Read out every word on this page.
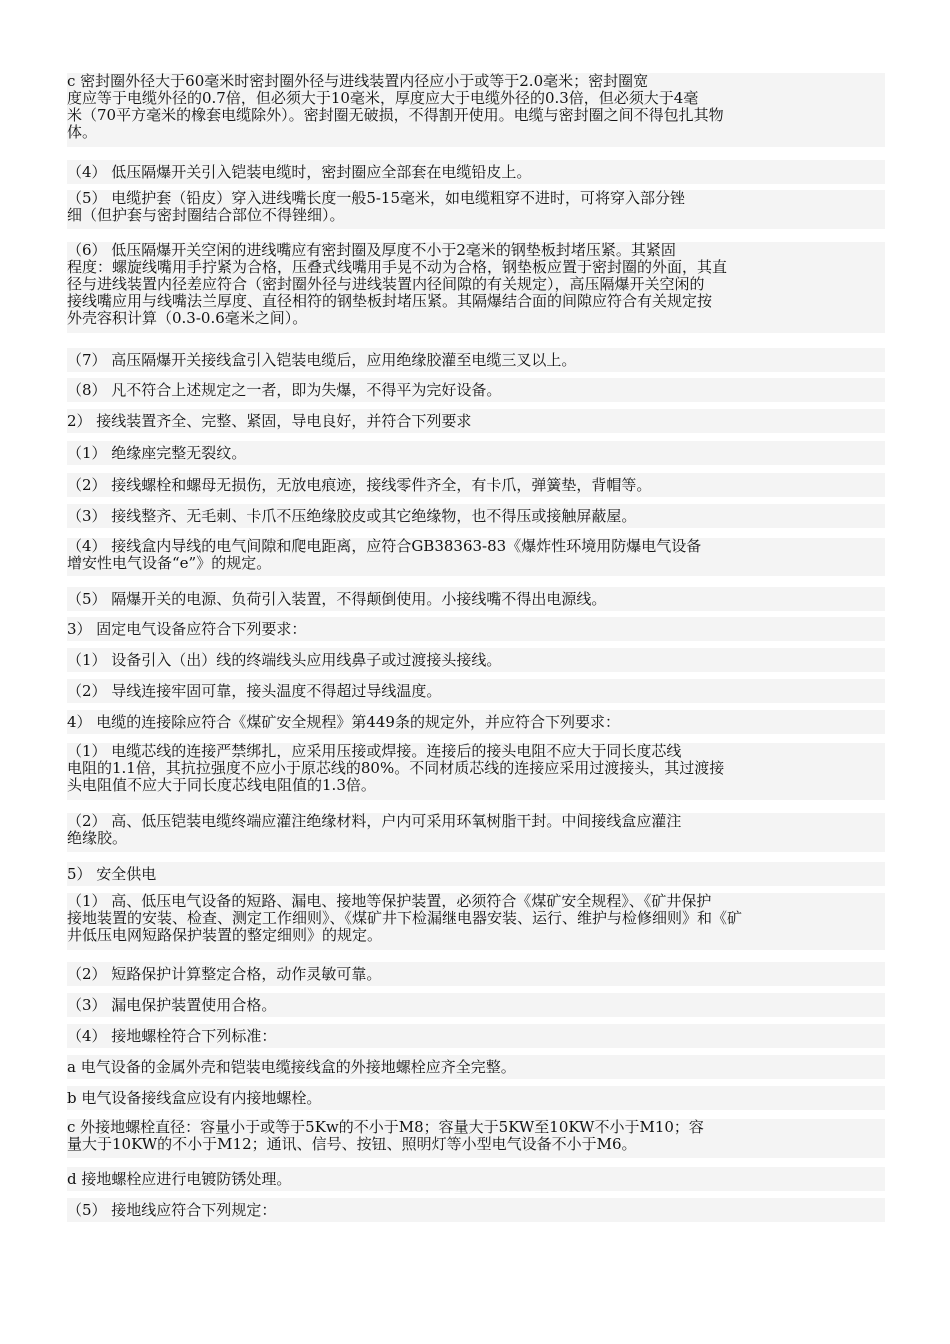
c 密封圈外径大于60毫米时密封圈外径与进线装置内径应小于或等于2.0毫米；密封圈宽
度应等于电缆外径的0.7倍，但必须大于10毫米，厚度应大于电缆外径的0.3倍，但必须大于4毫
米（70平方毫米的橡套电缆除外）。密封圈无破损，不得割开使用。电缆与密封圈之间不得包扎其物
体。
（4） 低压隔爆开关引入铠装电缆时，密封圈应全部套在电缆铅皮上。
（5） 电缆护套（铅皮）穿入进线嘴长度一般5-15毫米，如电缆粗穿不进时，可将穿入部分锉
细（但护套与密封圈结合部位不得锉细）。
（6） 低压隔爆开关空闲的进线嘴应有密封圈及厚度不小于2毫米的钢垫板封堵压紧。其紧固
程度：螺旋线嘴用手拧紧为合格，压叠式线嘴用手晃不动为合格，钢垫板应置于密封圈的外面，其直
径与进线装置内径差应符合（密封圈外径与进线装置内径间隙的有关规定），高压隔爆开关空闲的
接线嘴应用与线嘴法兰厚度、直径相符的钢垫板封堵压紧。其隔爆结合面的间隙应符合有关规定按
外壳容积计算（0.3-0.6毫米之间）。
（7） 高压隔爆开关接线盒引入铠装电缆后，应用绝缘胶灌至电缆三叉以上。
（8） 凡不符合上述规定之一者，即为失爆，不得平为完好设备。
2） 接线装置齐全、完整、紧固，导电良好，并符合下列要求
（1） 绝缘座完整无裂纹。
（2） 接线螺栓和螺母无损伤，无放电痕迹，接线零件齐全，有卡爪，弹簧垫，背帽等。
（3） 接线整齐、无毛刺、卡爪不压绝缘胶皮或其它绝缘物，也不得压或接触屏蔽屋。
（4） 接线盒内导线的电气间隙和爬电距离，应符合GB38363-83《爆炸性环境用防爆电气设备
增安性电气设备“e”》的规定。
（5） 隔爆开关的电源、负荷引入装置，不得颠倒使用。小接线嘴不得出电源线。
3） 固定电气设备应符合下列要求：
（1） 设备引入（出）线的终端线头应用线鼻子或过渡接头接线。
（2） 导线连接牢固可靠，接头温度不得超过导线温度。
4） 电缆的连接除应符合《煤矿安全规程》第449条的规定外，并应符合下列要求：
（1） 电缆芯线的连接严禁绑扎，应采用压接或焊接。连接后的接头电阻不应大于同长度芯线
电阻的1.1倍，其抗拉强度不应小于原芯线的80%。不同材质芯线的连接应采用过渡接头，其过渡接
头电阻值不应大于同长度芯线电阻值的1.3倍。
（2） 高、低压铠装电缆终端应灌注绝缘材料，户内可采用环氧树脂干封。中间接线盒应灌注
绝缘胶。
5） 安全供电
（1） 高、低压电气设备的短路、漏电、接地等保护装置，必须符合《煤矿安全规程》、《矿井保护
接地装置的安装、检查、测定工作细则》、《煤矿井下检漏继电器安装、运行、维护与检修细则》和《矿
井低压电网短路保护装置的整定细则》的规定。
（2） 短路保护计算整定合格，动作灵敏可靠。
（3） 漏电保护装置使用合格。
（4） 接地螺栓符合下列标准：
a 电气设备的金属外壳和铠装电缆接线盒的外接地螺栓应齐全完整。
b 电气设备接线盒应设有内接地螺栓。
c 外接地螺栓直径：容量小于或等于5Kw的不小于M8；容量大于5KW至10KW不小于M10；容
量大于10KW的不小于M12；通讯、信号、按钮、照明灯等小型电气设备不小于M6。
d 接地螺栓应进行电镀防锈处理。
（5） 接地线应符合下列规定：
